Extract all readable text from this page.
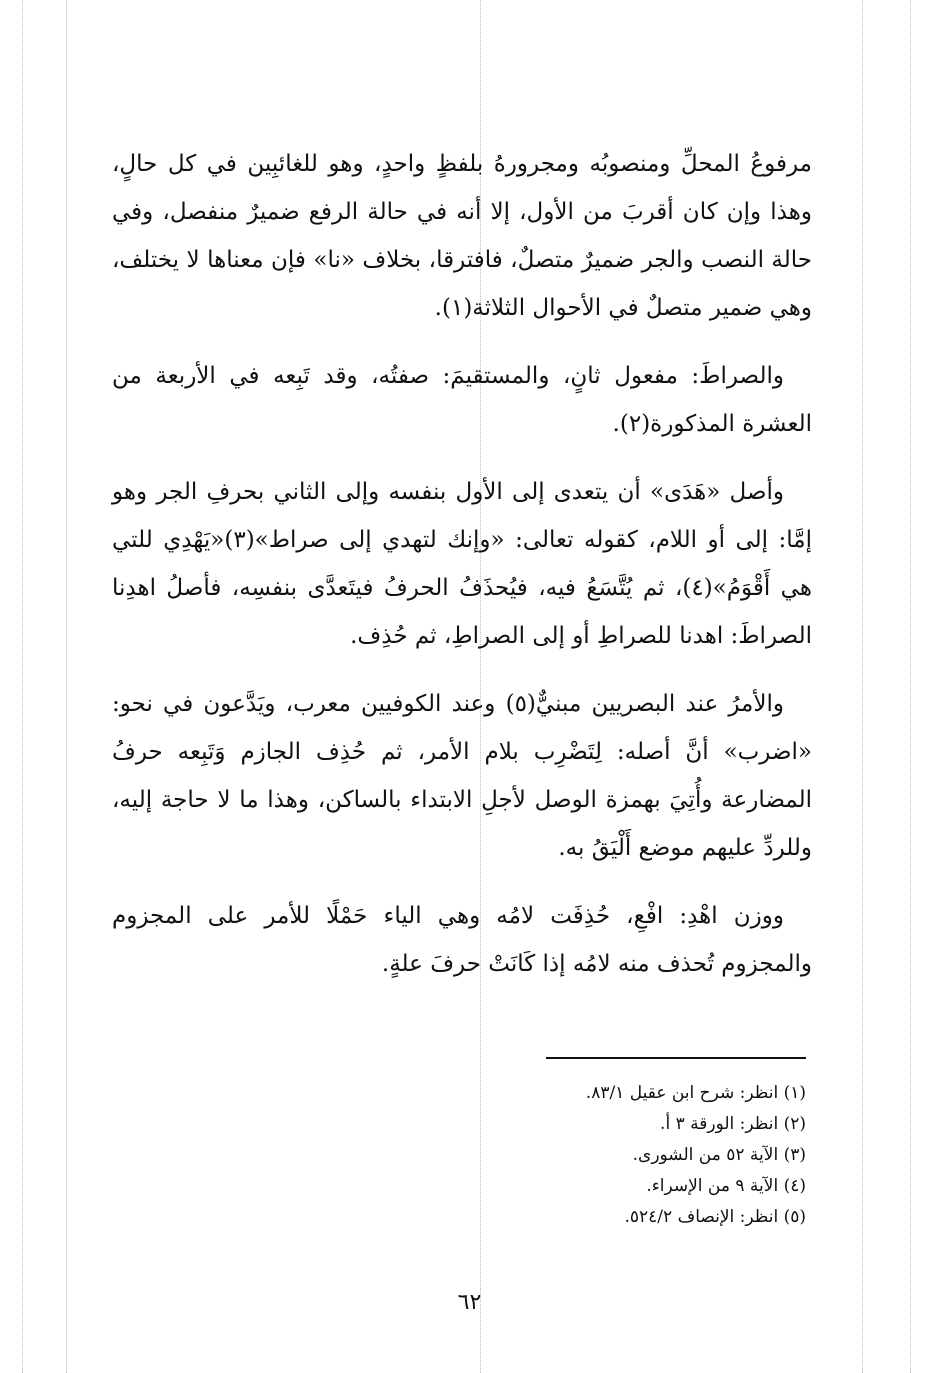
مرفوعُ المحلِّ ومنصوبُه ومجرورهُ بلفظٍ واحدٍ، وهو للغائبِين في كل حالٍ، وهذا وإن كان أقربَ من الأول، إلا أنه في حالة الرفع ضميرٌ منفصل، وفي حالة النصب والجر ضميرٌ متصلٌ، فافترقا، بخلاف «نا» فإن معناها لا يختلف، وهي ضمير متصلٌ في الأحوال الثلاثة(١).

والصراطَ: مفعول ثانٍ، والمستقيمَ: صفتُه، وقد تَبِعه في الأربعة من العشرة المذكورة(٢).

وأصل «هَدَى» أن يتعدى إلى الأول بنفسه وإلى الثاني بحرفِ الجر وهو إمَّا: إلى أو اللام، كقوله تعالى: «وإنك لتهدي إلى صراط»(٣)«يَهْدِي للتي هي أَقْوَمُ»(٤)، ثم يُتَّسَعُ فيه، فيُحذَفُ الحرفُ فيتَعدَّى بنفسِه، فأصلُ اهدِنا الصراطَ: اهدنا للصراطِ أو إلى الصراطِ، ثم حُذِف.

والأمرُ عند البصريين مبنيٌّ(٥) وعند الكوفيين معرب، ويَدَّعون في نحو: «اضرب» أنَّ أصله: لِتَضْرِب بلام الأمر، ثم حُذِف الجازم وَتَبِعه حرفُ المضارعة وأُتِيَ بهمزة الوصل لأجلِ الابتداء بالساكن، وهذا ما لا حاجة إليه، وللردِّ عليهم موضع أَلْيَقُ به.

ووزن اهْدِ: افْعِ، حُذِفَت لامُه وهي الياء حَمْلًا للأمر على المجزوم والمجزوم تُحذف منه لامُه إذا كَانَتْ حرفَ علةٍ.

(١) انظر: شرح ابن عقيل ٨٣/١.
(٢) انظر: الورقة ٣ أ.
(٣) الآية ٥٢ من الشورى.
(٤) الآية ٩ من الإسراء.
(٥) انظر: الإنصاف ٥٢٤/٢.
٦٢
